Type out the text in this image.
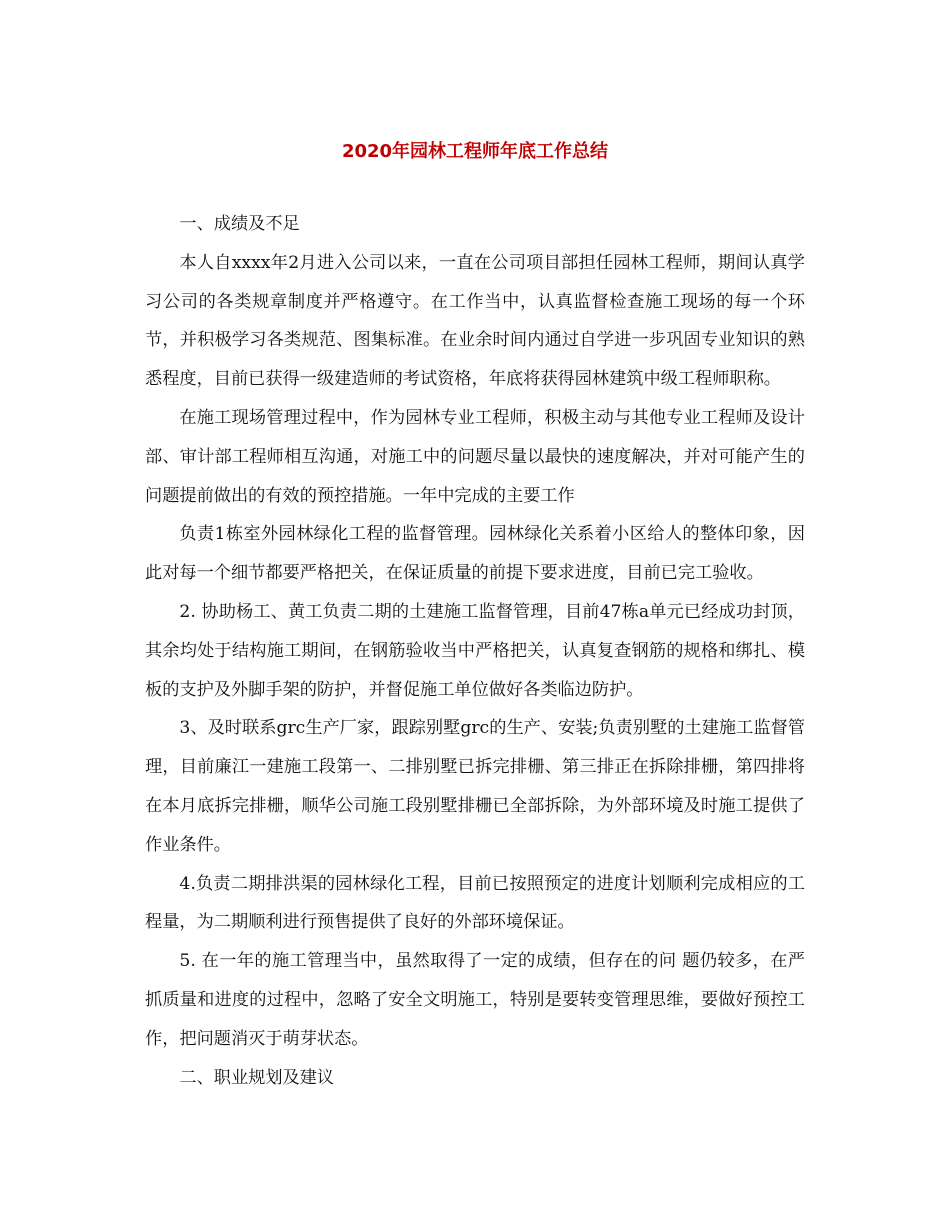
2020年园林工程师年底工作总结

一、成绩及不足

本人自xxxx年2月进入公司以来，一直在公司项目部担任园林工程师，期间认真学习公司的各类规章制度并严格遵守。在工作当中，认真监督检查施工现场的每一个环节，并积极学习各类规范、图集标准。在业余时间内通过自学进一步巩固专业知识的熟悉程度，目前已获得一级建造师的考试资格，年底将获得园林建筑中级工程师职称。

在施工现场管理过程中，作为园林专业工程师，积极主动与其他专业工程师及设计部、审计部工程师相互沟通，对施工中的问题尽量以最快的速度解决，并对可能产生的问题提前做出的有效的预控措施。一年中完成的主要工作

负责1栋室外园林绿化工程的监督管理。园林绿化关系着小区给人的整体印象，因此对每一个细节都要严格把关，在保证质量的前提下要求进度，目前已完工验收。

2. 协助杨工、黄工负责二期的土建施工监督管理，目前47栋a单元已经成功封顶，其余均处于结构施工期间，在钢筋验收当中严格把关，认真复查钢筋的规格和绑扎、模板的支护及外脚手架的防护，并督促施工单位做好各类临边防护。

3、及时联系grc生产厂家，跟踪别墅grc的生产、安装;负责别墅的土建施工监督管理，目前廉江一建施工段第一、二排别墅已拆完排栅、第三排正在拆除排栅，第四排将在本月底拆完排栅，顺华公司施工段别墅排栅已全部拆除，为外部环境及时施工提供了作业条件。

4.负责二期排洪渠的园林绿化工程，目前已按照预定的进度计划顺利完成相应的工程量，为二期顺利进行预售提供了良好的外部环境保证。

5. 在一年的施工管理当中，虽然取得了一定的成绩，但存在的问 题仍较多，在严抓质量和进度的过程中，忽略了安全文明施工，特别是要转变管理思维，要做好预控工作，把问题消灭于萌芽状态。

二、职业规划及建议
